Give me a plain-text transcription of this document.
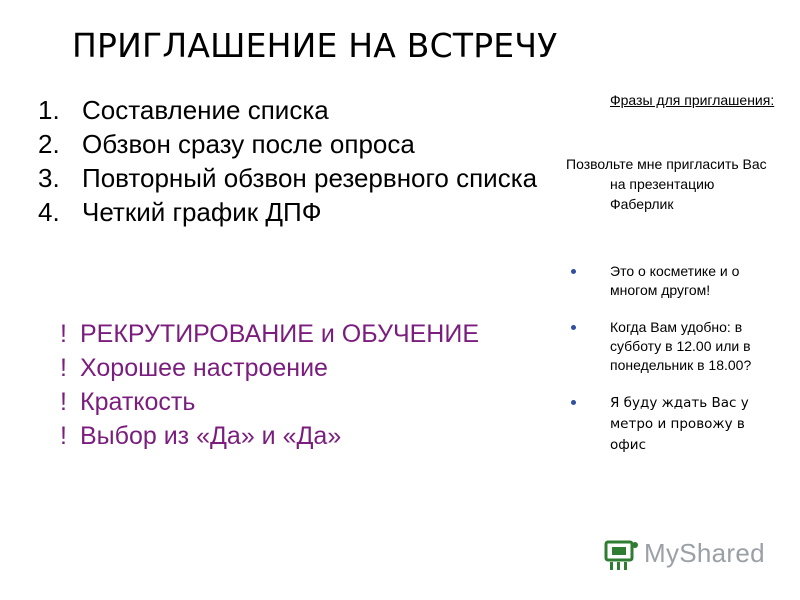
ПРИГЛАШЕНИЕ НА ВСТРЕЧУ
1. Составление списка
2. Обзвон сразу после опроса
3. Повторный обзвон резервного списка
4. Четкий график ДПФ
! РЕКРУТИРОВАНИЕ и ОБУЧЕНИЕ
! Хорошее настроение
! Краткость
! Выбор из «Да» и «Да»
Фразы для приглашения:
Позвольте мне пригласить Вас на презентацию Фаберлик
Это о косметике и о многом другом!
Когда Вам удобно: в субботу в 12.00 или в понедельник в 18.00?
Я буду ждать Вас у метро и провожу в офис
MyShared
